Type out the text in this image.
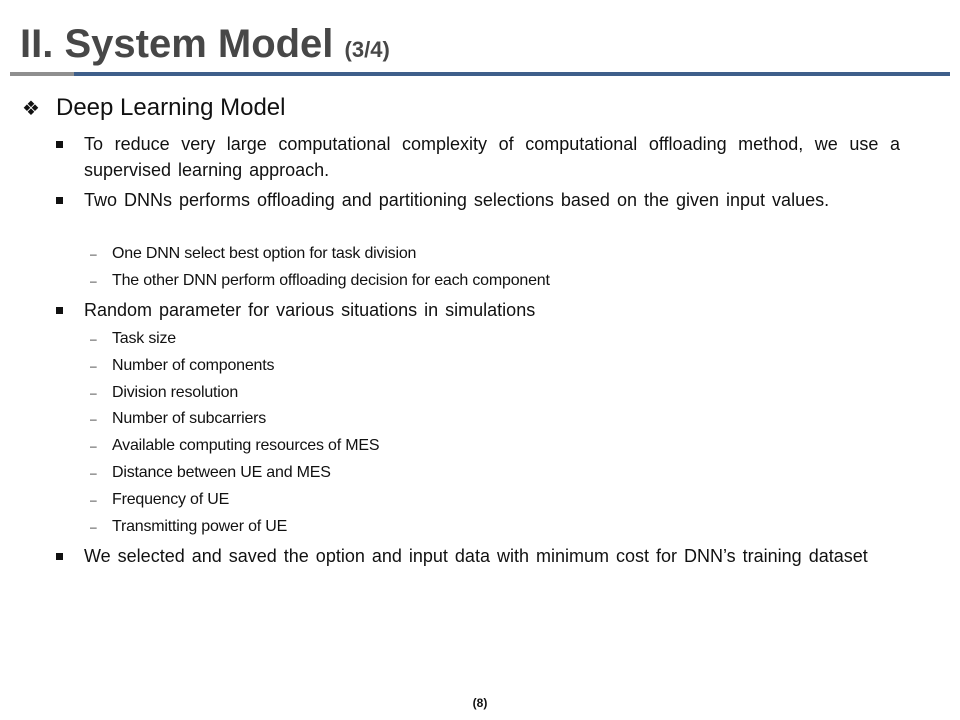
II. System Model (3/4)
❖ Deep Learning Model
To reduce very large computational complexity of computational offloading method, we use a supervised learning approach.
Two DNNs performs offloading and partitioning selections based on the given input values.
– One DNN select best option for task division
– The other DNN perform offloading decision for each component
Random parameter for various situations in simulations
– Task size
– Number of components
– Division resolution
– Number of subcarriers
– Available computing resources of MES
– Distance between UE and MES
– Frequency of UE
– Transmitting power of UE
We selected and saved the option and input data with minimum cost for DNN’s training dataset
(8)
